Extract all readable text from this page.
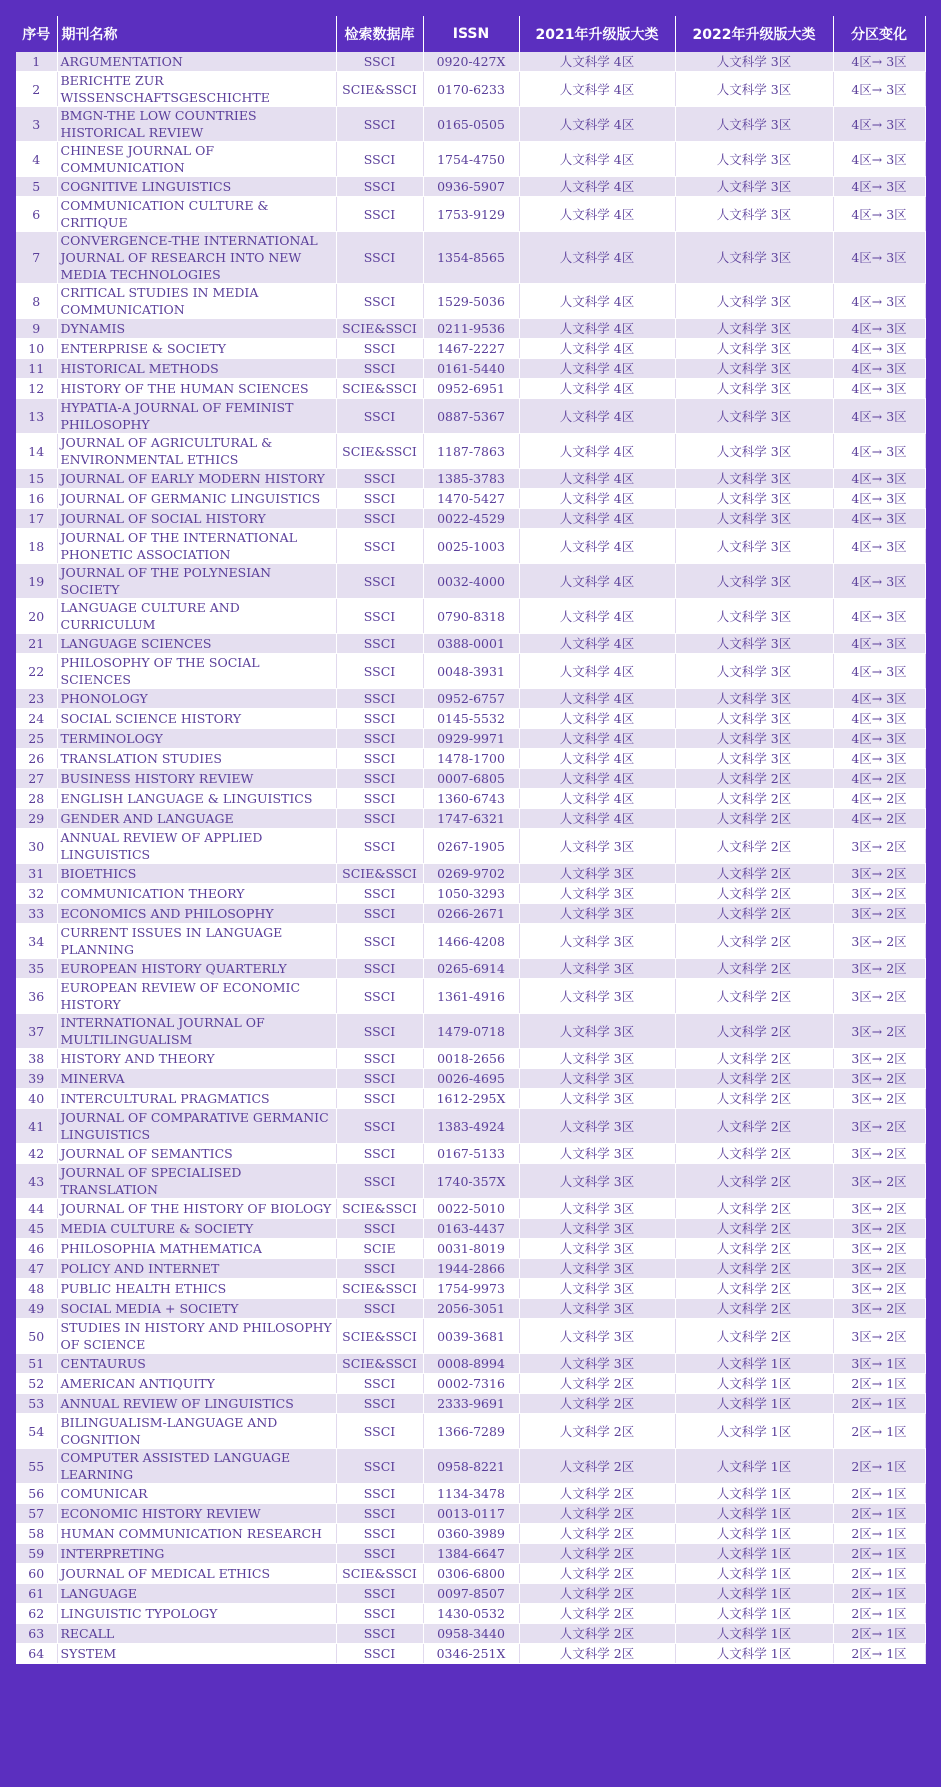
序号	期刊名称	检索数据库	ISSN	2021年升级版大类	2022年升级版大类	分区变化
1	ARGUMENTATION	SSCI	0920-427X	人文科学 4区	人文科学 3区	4区→ 3区
2	BERICHTE ZUR WISSENSCHAFTSGESCHICHTE	SCIE&SSCI	0170-6233	人文科学 4区	人文科学 3区	4区→ 3区
3	BMGN-THE LOW COUNTRIES HISTORICAL REVIEW	SSCI	0165-0505	人文科学 4区	人文科学 3区	4区→ 3区
4	CHINESE JOURNAL OF COMMUNICATION	SSCI	1754-4750	人文科学 4区	人文科学 3区	4区→ 3区
5	COGNITIVE LINGUISTICS	SSCI	0936-5907	人文科学 4区	人文科学 3区	4区→ 3区
6	COMMUNICATION CULTURE & CRITIQUE	SSCI	1753-9129	人文科学 4区	人文科学 3区	4区→ 3区
7	CONVERGENCE-THE INTERNATIONAL JOURNAL OF RESEARCH INTO NEW MEDIA TECHNOLOGIES	SSCI	1354-8565	人文科学 4区	人文科学 3区	4区→ 3区
8	CRITICAL STUDIES IN MEDIA COMMUNICATION	SSCI	1529-5036	人文科学 4区	人文科学 3区	4区→ 3区
9	DYNAMIS	SCIE&SSCI	0211-9536	人文科学 4区	人文科学 3区	4区→ 3区
10	ENTERPRISE & SOCIETY	SSCI	1467-2227	人文科学 4区	人文科学 3区	4区→ 3区
11	HISTORICAL METHODS	SSCI	0161-5440	人文科学 4区	人文科学 3区	4区→ 3区
12	HISTORY OF THE HUMAN SCIENCES	SCIE&SSCI	0952-6951	人文科学 4区	人文科学 3区	4区→ 3区
13	HYPATIA-A JOURNAL OF FEMINIST PHILOSOPHY	SSCI	0887-5367	人文科学 4区	人文科学 3区	4区→ 3区
14	JOURNAL OF AGRICULTURAL & ENVIRONMENTAL ETHICS	SCIE&SSCI	1187-7863	人文科学 4区	人文科学 3区	4区→ 3区
15	JOURNAL OF EARLY MODERN HISTORY	SSCI	1385-3783	人文科学 4区	人文科学 3区	4区→ 3区
16	JOURNAL OF GERMANIC LINGUISTICS	SSCI	1470-5427	人文科学 4区	人文科学 3区	4区→ 3区
17	JOURNAL OF SOCIAL HISTORY	SSCI	0022-4529	人文科学 4区	人文科学 3区	4区→ 3区
18	JOURNAL OF THE INTERNATIONAL PHONETIC ASSOCIATION	SSCI	0025-1003	人文科学 4区	人文科学 3区	4区→ 3区
19	JOURNAL OF THE POLYNESIAN SOCIETY	SSCI	0032-4000	人文科学 4区	人文科学 3区	4区→ 3区
20	LANGUAGE CULTURE AND CURRICULUM	SSCI	0790-8318	人文科学 4区	人文科学 3区	4区→ 3区
21	LANGUAGE SCIENCES	SSCI	0388-0001	人文科学 4区	人文科学 3区	4区→ 3区
22	PHILOSOPHY OF THE SOCIAL SCIENCES	SSCI	0048-3931	人文科学 4区	人文科学 3区	4区→ 3区
23	PHONOLOGY	SSCI	0952-6757	人文科学 4区	人文科学 3区	4区→ 3区
24	SOCIAL SCIENCE HISTORY	SSCI	0145-5532	人文科学 4区	人文科学 3区	4区→ 3区
25	TERMINOLOGY	SSCI	0929-9971	人文科学 4区	人文科学 3区	4区→ 3区
26	TRANSLATION STUDIES	SSCI	1478-1700	人文科学 4区	人文科学 3区	4区→ 3区
27	BUSINESS HISTORY REVIEW	SSCI	0007-6805	人文科学 4区	人文科学 2区	4区→ 2区
28	ENGLISH LANGUAGE & LINGUISTICS	SSCI	1360-6743	人文科学 4区	人文科学 2区	4区→ 2区
29	GENDER AND LANGUAGE	SSCI	1747-6321	人文科学 4区	人文科学 2区	4区→ 2区
30	ANNUAL REVIEW OF APPLIED LINGUISTICS	SSCI	0267-1905	人文科学 3区	人文科学 2区	3区→ 2区
31	BIOETHICS	SCIE&SSCI	0269-9702	人文科学 3区	人文科学 2区	3区→ 2区
32	COMMUNICATION THEORY	SSCI	1050-3293	人文科学 3区	人文科学 2区	3区→ 2区
33	ECONOMICS AND PHILOSOPHY	SSCI	0266-2671	人文科学 3区	人文科学 2区	3区→ 2区
34	CURRENT ISSUES IN LANGUAGE PLANNING	SSCI	1466-4208	人文科学 3区	人文科学 2区	3区→ 2区
35	EUROPEAN HISTORY QUARTERLY	SSCI	0265-6914	人文科学 3区	人文科学 2区	3区→ 2区
36	EUROPEAN REVIEW OF ECONOMIC HISTORY	SSCI	1361-4916	人文科学 3区	人文科学 2区	3区→ 2区
37	INTERNATIONAL JOURNAL OF MULTILINGUALISM	SSCI	1479-0718	人文科学 3区	人文科学 2区	3区→ 2区
38	HISTORY AND THEORY	SSCI	0018-2656	人文科学 3区	人文科学 2区	3区→ 2区
39	MINERVA	SSCI	0026-4695	人文科学 3区	人文科学 2区	3区→ 2区
40	INTERCULTURAL PRAGMATICS	SSCI	1612-295X	人文科学 3区	人文科学 2区	3区→ 2区
41	JOURNAL OF COMPARATIVE GERMANIC LINGUISTICS	SSCI	1383-4924	人文科学 3区	人文科学 2区	3区→ 2区
42	JOURNAL OF SEMANTICS	SSCI	0167-5133	人文科学 3区	人文科学 2区	3区→ 2区
43	JOURNAL OF SPECIALISED TRANSLATION	SSCI	1740-357X	人文科学 3区	人文科学 2区	3区→ 2区
44	JOURNAL OF THE HISTORY OF BIOLOGY	SCIE&SSCI	0022-5010	人文科学 3区	人文科学 2区	3区→ 2区
45	MEDIA CULTURE & SOCIETY	SSCI	0163-4437	人文科学 3区	人文科学 2区	3区→ 2区
46	PHILOSOPHIA MATHEMATICA	SCIE	0031-8019	人文科学 3区	人文科学 2区	3区→ 2区
47	POLICY AND INTERNET	SSCI	1944-2866	人文科学 3区	人文科学 2区	3区→ 2区
48	PUBLIC HEALTH ETHICS	SCIE&SSCI	1754-9973	人文科学 3区	人文科学 2区	3区→ 2区
49	SOCIAL MEDIA + SOCIETY	SSCI	2056-3051	人文科学 3区	人文科学 2区	3区→ 2区
50	STUDIES IN HISTORY AND PHILOSOPHY OF SCIENCE	SCIE&SSCI	0039-3681	人文科学 3区	人文科学 2区	3区→ 2区
51	CENTAURUS	SCIE&SSCI	0008-8994	人文科学 3区	人文科学 1区	3区→ 1区
52	AMERICAN ANTIQUITY	SSCI	0002-7316	人文科学 2区	人文科学 1区	2区→ 1区
53	ANNUAL REVIEW OF LINGUISTICS	SSCI	2333-9691	人文科学 2区	人文科学 1区	2区→ 1区
54	BILINGUALISM-LANGUAGE AND COGNITION	SSCI	1366-7289	人文科学 2区	人文科学 1区	2区→ 1区
55	COMPUTER ASSISTED LANGUAGE LEARNING	SSCI	0958-8221	人文科学 2区	人文科学 1区	2区→ 1区
56	COMUNICAR	SSCI	1134-3478	人文科学 2区	人文科学 1区	2区→ 1区
57	ECONOMIC HISTORY REVIEW	SSCI	0013-0117	人文科学 2区	人文科学 1区	2区→ 1区
58	HUMAN COMMUNICATION RESEARCH	SSCI	0360-3989	人文科学 2区	人文科学 1区	2区→ 1区
59	INTERPRETING	SSCI	1384-6647	人文科学 2区	人文科学 1区	2区→ 1区
60	JOURNAL OF MEDICAL ETHICS	SCIE&SSCI	0306-6800	人文科学 2区	人文科学 1区	2区→ 1区
61	LANGUAGE	SSCI	0097-8507	人文科学 2区	人文科学 1区	2区→ 1区
62	LINGUISTIC TYPOLOGY	SSCI	1430-0532	人文科学 2区	人文科学 1区	2区→ 1区
63	RECALL	SSCI	0958-3440	人文科学 2区	人文科学 1区	2区→ 1区
64	SYSTEM	SSCI	0346-251X	人文科学 2区	人文科学 1区	2区→ 1区
